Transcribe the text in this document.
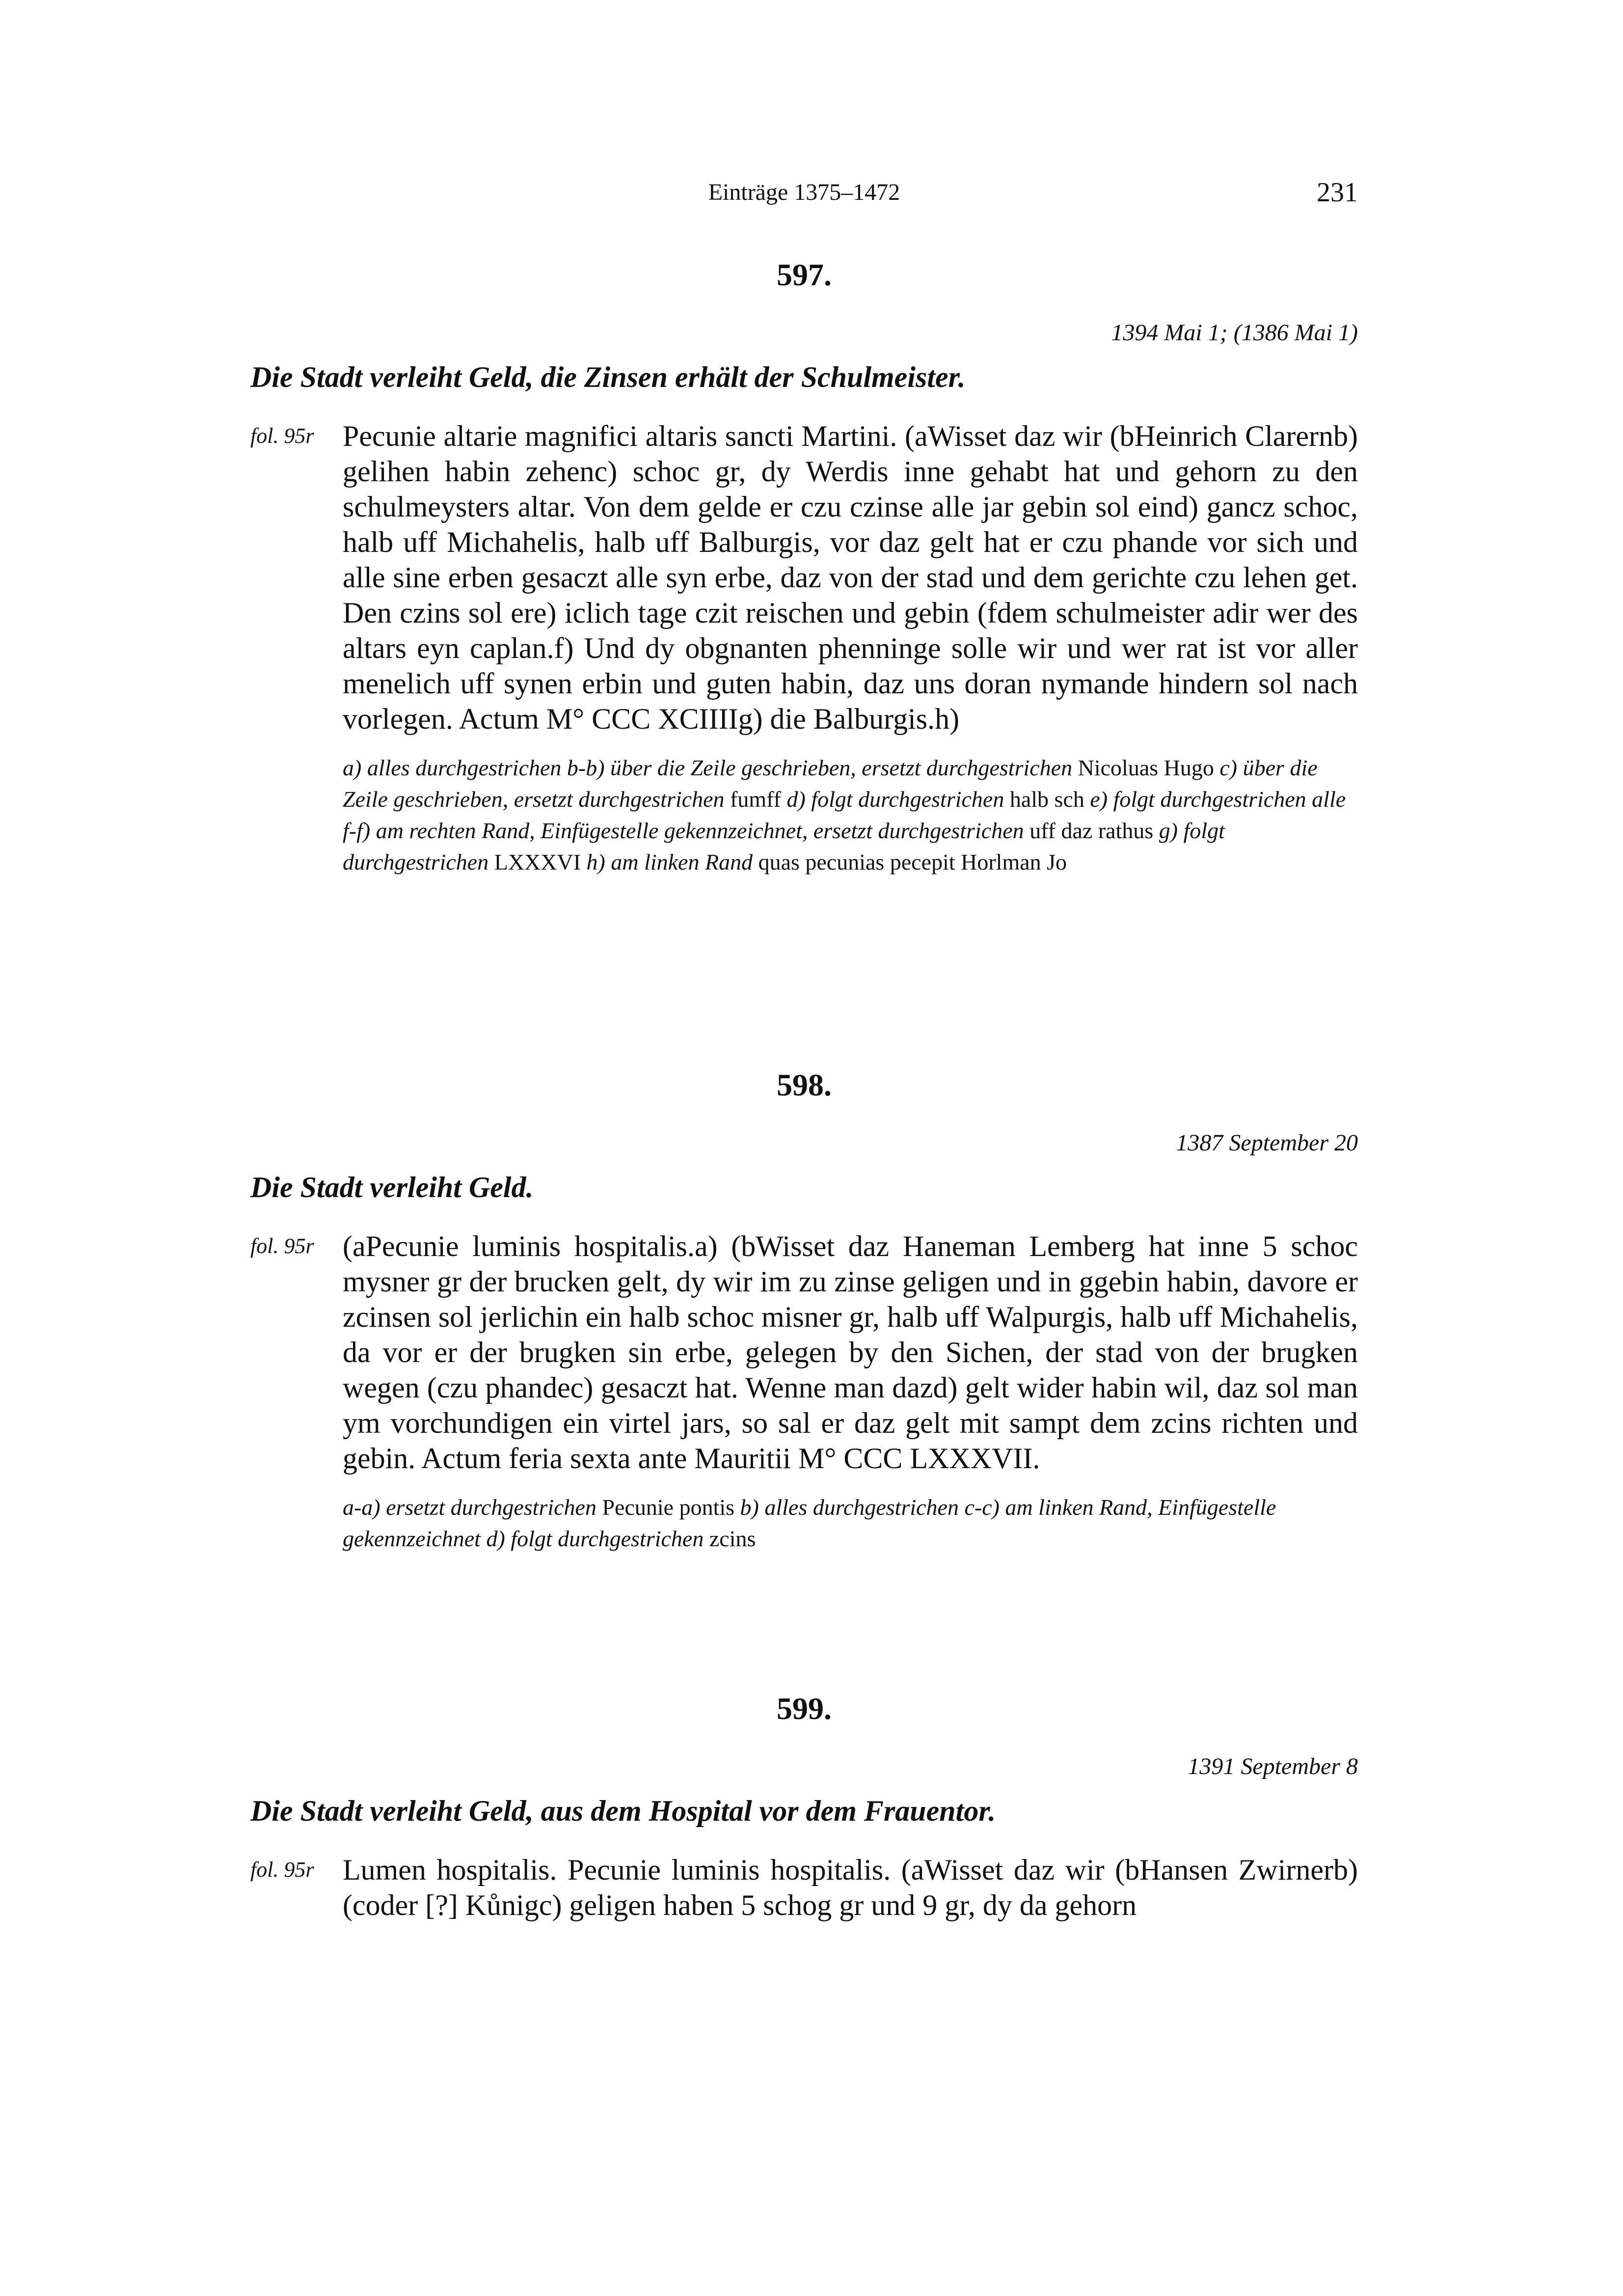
Einträge 1375–1472	231
597.
1394 Mai 1; (1386 Mai 1)
Die Stadt verleiht Geld, die Zinsen erhält der Schulmeister.
fol. 95r Pecunie altarie magnifici altaris sancti Martini. (aWisset daz wir (bHeinrich Clarernb) gelihen habin zehenc) schoc gr, dy Werdis inne gehabt hat und gehorn zu den schulmeysters altar. Von dem gelde er czu czinse alle jar gebin sol eind) gancz schoc, halb uff Michahelis, halb uff Balburgis, vor daz gelt hat er czu phande vor sich und alle sine erben gesaczt alle syn erbe, daz von der stad und dem gerichte czu lehen get. Den czins sol ere) iclich tage czit reischen und gebin (fdem schulmeister adir wer des altars eyn caplan.f) Und dy obgnanten phenninge solle wir und wer rat ist vor aller menelich uff synen erbin und guten habin, daz uns doran nymande hindern sol nach vorlegen. Actum M° CCC XCIIIIg) die Balburgis.h)
a) alles durchgestrichen b-b) über die Zeile geschrieben, ersetzt durchgestrichen Nicoluas Hugo c) über die Zeile geschrieben, ersetzt durchgestrichen fumff d) folgt durchgestrichen halb sch e) folgt durchgestrichen alle f-f) am rechten Rand, Einfügestelle gekennzeichnet, ersetzt durchgestrichen uff daz rathus g) folgt durchgestrichen LXXXVI h) am linken Rand quas pecunias pecepit Horlman Jo
598.
1387 September 20
Die Stadt verleiht Geld.
fol. 95r (aPecunie luminis hospitalis.a) (bWisset daz Haneman Lemberg hat inne 5 schoc mysner gr der brucken gelt, dy wir im zu zinse geligen und in ggebin habin, davore er zcinsen sol jerlichin ein halb schoc misner gr, halb uff Walpurgis, halb uff Michahelis, da vor er der brugken sin erbe, gelegen by den Sichen, der stad von der brugken wegen (czu phandec) gesaczt hat. Wenne man dazd) gelt wider habin wil, daz sol man ym vorchundigen ein virtel jars, so sal er daz gelt mit sampt dem zcins richten und gebin. Actum feria sexta ante Mauritii M° CCC LXXXVII.
a-a) ersetzt durchgestrichen Pecunie pontis b) alles durchgestrichen c-c) am linken Rand, Einfügestelle gekennzeichnet d) folgt durchgestrichen zcins
599.
1391 September 8
Die Stadt verleiht Geld, aus dem Hospital vor dem Frauentor.
fol. 95r Lumen hospitalis. Pecunie luminis hospitalis. (aWisset daz wir (bHansen Zwirnerb) (coder [?] Kůnigc) geligen haben 5 schog gr und 9 gr, dy da gehorn
